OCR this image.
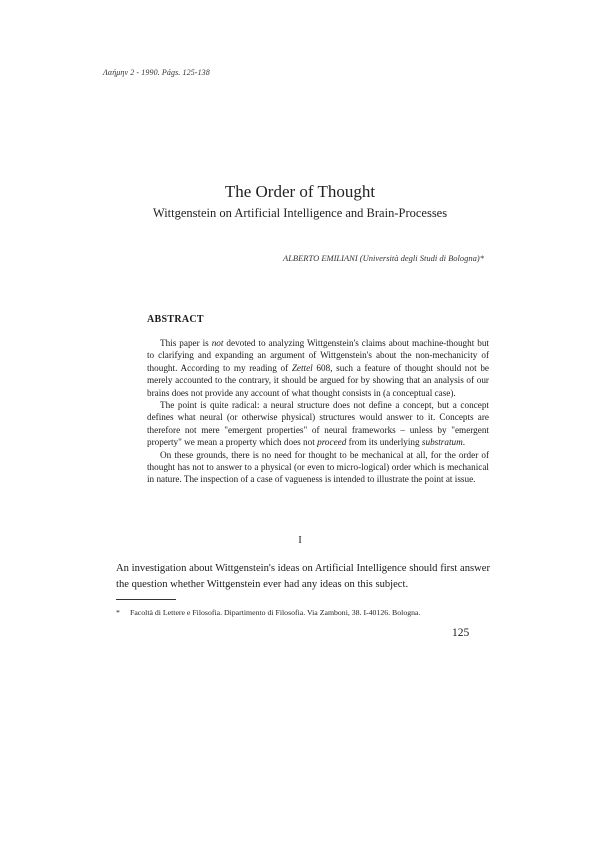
Λαήμην 2 - 1990. Págs. 125-138
The Order of Thought
Wittgenstein on Artificial Intelligence and Brain-Processes
ALBERTO EMILIANI (Università degli Studi di Bologna)*
ABSTRACT

This paper is not devoted to analyzing Wittgenstein's claims about machine-thought but to clarifying and expanding an argument of Wittgenstein's about the non-mechanicity of thought. According to my reading of Zettel 608, such a feature of thought should not be merely accounted to the contrary, it should be argued for by showing that an analysis of our brains does not provide any account of what thought consists in (a conceptual case).

The point is quite radical: a neural structure does not define a concept, but a concept defines what neural (or otherwise physical) structures would answer to it. Concepts are therefore not mere "emergent properties" of neural frameworks – unless by "emergent property" we mean a property which does not proceed from its underlying substratum.

On these grounds, there is no need for thought to be mechanical at all, for the order of thought has not to answer to a physical (or even to micro-logical) order which is mechanical in nature. The inspection of a case of vagueness is intended to illustrate the point at issue.

I

An investigation about Wittgenstein's ideas on Artificial Intelligence should first answer the question whether Wittgenstein ever had any ideas on this subject.

* Facoltà di Lettere e Filosofia. Dipartimento di Filosofia. Via Zamboni, 38. I-40126. Bologna.
125
